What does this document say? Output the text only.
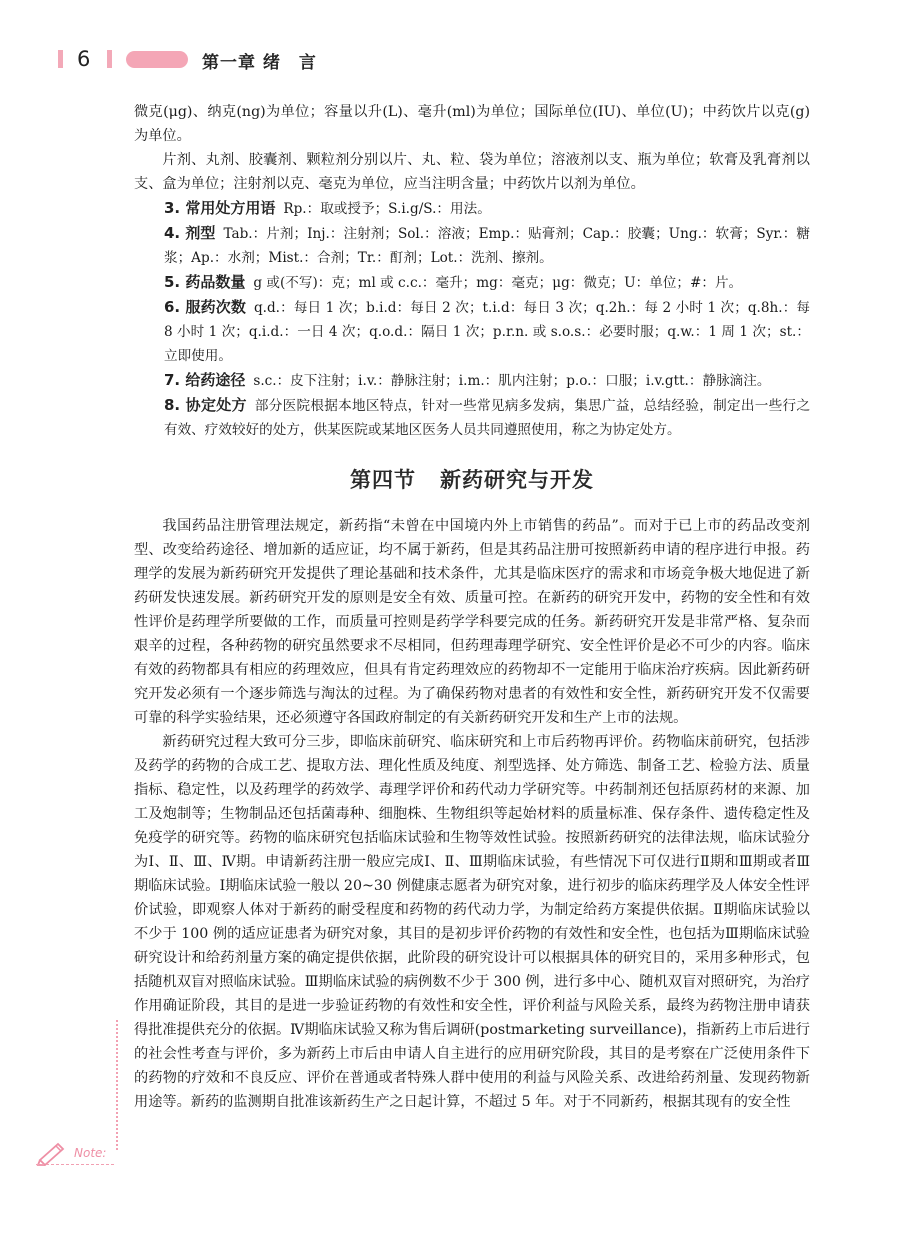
6	第一章 绪　言

微克(μg)、纳克(ng)为单位；容量以升(L)、毫升(ml)为单位；国际单位(IU)、单位(U)；中药饮片以克(g)为单位。

片剂、丸剂、胶囊剂、颗粒剂分别以片、丸、粒、袋为单位；溶液剂以支、瓶为单位；软膏及乳膏剂以支、盒为单位；注射剂以克、毫克为单位，应当注明含量；中药饮片以剂为单位。

3. 常用处方用语 Rp.：取或授予；S.i.g/S.：用法。

4. 剂型 Tab.：片剂；Inj.：注射剂；Sol.：溶液；Emp.：贴膏剂；Cap.：胶囊；Ung.：软膏；Syr.：糖浆；Ap.：水剂；Mist.：合剂；Tr.：酊剂；Lot.：洗剂、擦剂。

5. 药品数量 g 或(不写)：克；ml 或 c.c.：毫升；mg：毫克；μg：微克；U：单位；#：片。

6. 服药次数 q.d.：每日 1 次；b.i.d：每日 2 次；t.i.d：每日 3 次；q.2h.：每 2 小时 1 次；q.8h.：每 8 小时 1 次；q.i.d.：一日 4 次；q.o.d.：隔日 1 次；p.r.n. 或 s.o.s.：必要时服；q.w.：1 周 1 次；st.：立即使用。

7. 给药途径 s.c.：皮下注射；i.v.：静脉注射；i.m.：肌内注射；p.o.：口服；i.v.gtt.：静脉滴注。

8. 协定处方 部分医院根据本地区特点，针对一些常见病多发病，集思广益，总结经验，制定出一些行之有效、疗效较好的处方，供某医院或某地区医务人员共同遵照使用，称之为协定处方。

第四节 新药研究与开发

我国药品注册管理法规定，新药指“未曾在中国境内外上市销售的药品”。而对于已上市的药品改变剂型、改变给药途径、增加新的适应证，均不属于新药，但是其药品注册可按照新药申请的程序进行申报。药理学的发展为新药研究开发提供了理论基础和技术条件，尤其是临床医疗的需求和市场竞争极大地促进了新药研发快速发展。新药研究开发的原则是安全有效、质量可控。在新药的研究开发中，药物的安全性和有效性评价是药理学所要做的工作，而质量可控则是药学学科要完成的任务。新药研究开发是非常严格、复杂而艰辛的过程，各种药物的研究虽然要求不尽相同，但药理毒理学研究、安全性评价是必不可少的内容。临床有效的药物都具有相应的药理效应，但具有肯定药理效应的药物却不一定能用于临床治疗疾病。因此新药研究开发必须有一个逐步筛选与淘汰的过程。为了确保药物对患者的有效性和安全性，新药研究开发不仅需要可靠的科学实验结果，还必须遵守各国政府制定的有关新药研究开发和生产上市的法规。

新药研究过程大致可分三步，即临床前研究、临床研究和上市后药物再评价。药物临床前研究，包括涉及药学的药物的合成工艺、提取方法、理化性质及纯度、剂型选择、处方筛选、制备工艺、检验方法、质量指标、稳定性，以及药理学的药效学、毒理学评价和药代动力学研究等。中药制剂还包括原药材的来源、加工及炮制等；生物制品还包括菌毒种、细胞株、生物组织等起始材料的质量标准、保存条件、遗传稳定性及免疫学的研究等。药物的临床研究包括临床试验和生物等效性试验。按照新药研究的法律法规，临床试验分为Ⅰ、Ⅱ、Ⅲ、Ⅳ期。申请新药注册一般应完成Ⅰ、Ⅱ、Ⅲ期临床试验，有些情况下可仅进行Ⅱ期和Ⅲ期或者Ⅲ期临床试验。Ⅰ期临床试验一般以 20~30 例健康志愿者为研究对象，进行初步的临床药理学及人体安全性评价试验，即观察人体对于新药的耐受程度和药物的药代动力学，为制定给药方案提供依据。Ⅱ期临床试验以不少于 100 例的适应证患者为研究对象，其目的是初步评价药物的有效性和安全性，也包括为Ⅲ期临床试验研究设计和给药剂量方案的确定提供依据，此阶段的研究设计可以根据具体的研究目的，采用多种形式，包括随机双盲对照临床试验。Ⅲ期临床试验的病例数不少于 300 例，进行多中心、随机双盲对照研究，为治疗作用确证阶段，其目的是进一步验证药物的有效性和安全性，评价利益与风险关系，最终为药物注册申请获得批准提供充分的依据。Ⅳ期临床试验又称为售后调研(postmarketing surveillance)，指新药上市后进行的社会性考查与评价，多为新药上市后由申请人自主进行的应用研究阶段，其目的是考察在广泛使用条件下的药物的疗效和不良反应、评价在普通或者特殊人群中使用的利益与风险关系、改进给药剂量、发现药物新用途等。新药的监测期自批准该新药生产之日起计算，不超过 5 年。对于不同新药，根据其现有的安全性

Note:
